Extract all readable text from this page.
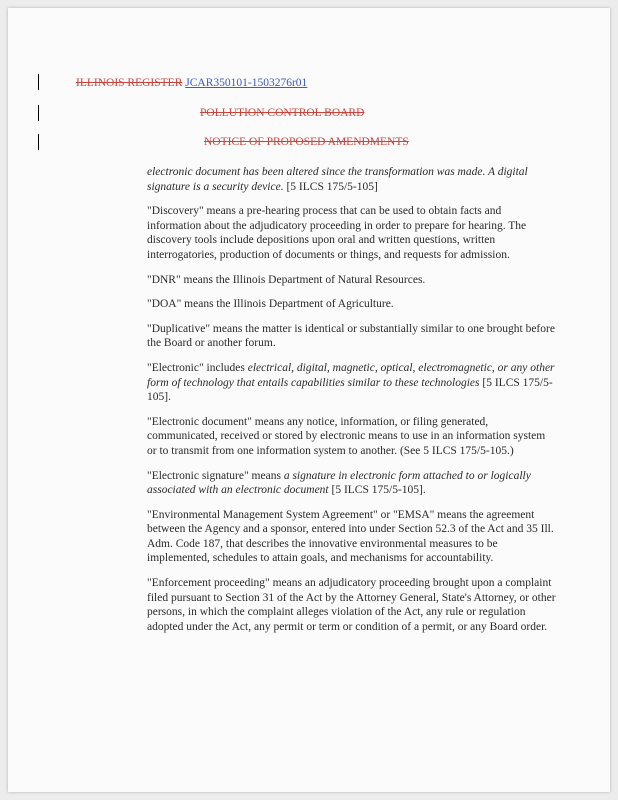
ILLINOIS REGISTER JCAR350101-1503276r01
POLLUTION CONTROL BOARD
NOTICE OF PROPOSED AMENDMENTS

electronic document has been altered since the transformation was made. A digital signature is a security device. [5 ILCS 175/5-105]

"Discovery" means a pre-hearing process that can be used to obtain facts and information about the adjudicatory proceeding in order to prepare for hearing. The discovery tools include depositions upon oral and written questions, written interrogatories, production of documents or things, and requests for admission.

"DNR" means the Illinois Department of Natural Resources.

"DOA" means the Illinois Department of Agriculture.

"Duplicative" means the matter is identical or substantially similar to one brought before the Board or another forum.

"Electronic" includes electrical, digital, magnetic, optical, electromagnetic, or any other form of technology that entails capabilities similar to these technologies [5 ILCS 175/5-105].

"Electronic document" means any notice, information, or filing generated, communicated, received or stored by electronic means to use in an information system or to transmit from one information system to another. (See 5 ILCS 175/5-105.)

"Electronic signature" means a signature in electronic form attached to or logically associated with an electronic document [5 ILCS 175/5-105].

"Environmental Management System Agreement" or "EMSA" means the agreement between the Agency and a sponsor, entered into under Section 52.3 of the Act and 35 Ill. Adm. Code 187, that describes the innovative environmental measures to be implemented, schedules to attain goals, and mechanisms for accountability.

"Enforcement proceeding" means an adjudicatory proceeding brought upon a complaint filed pursuant to Section 31 of the Act by the Attorney General, State's Attorney, or other persons, in which the complaint alleges violation of the Act, any rule or regulation adopted under the Act, any permit or term or condition of a permit, or any Board order.
